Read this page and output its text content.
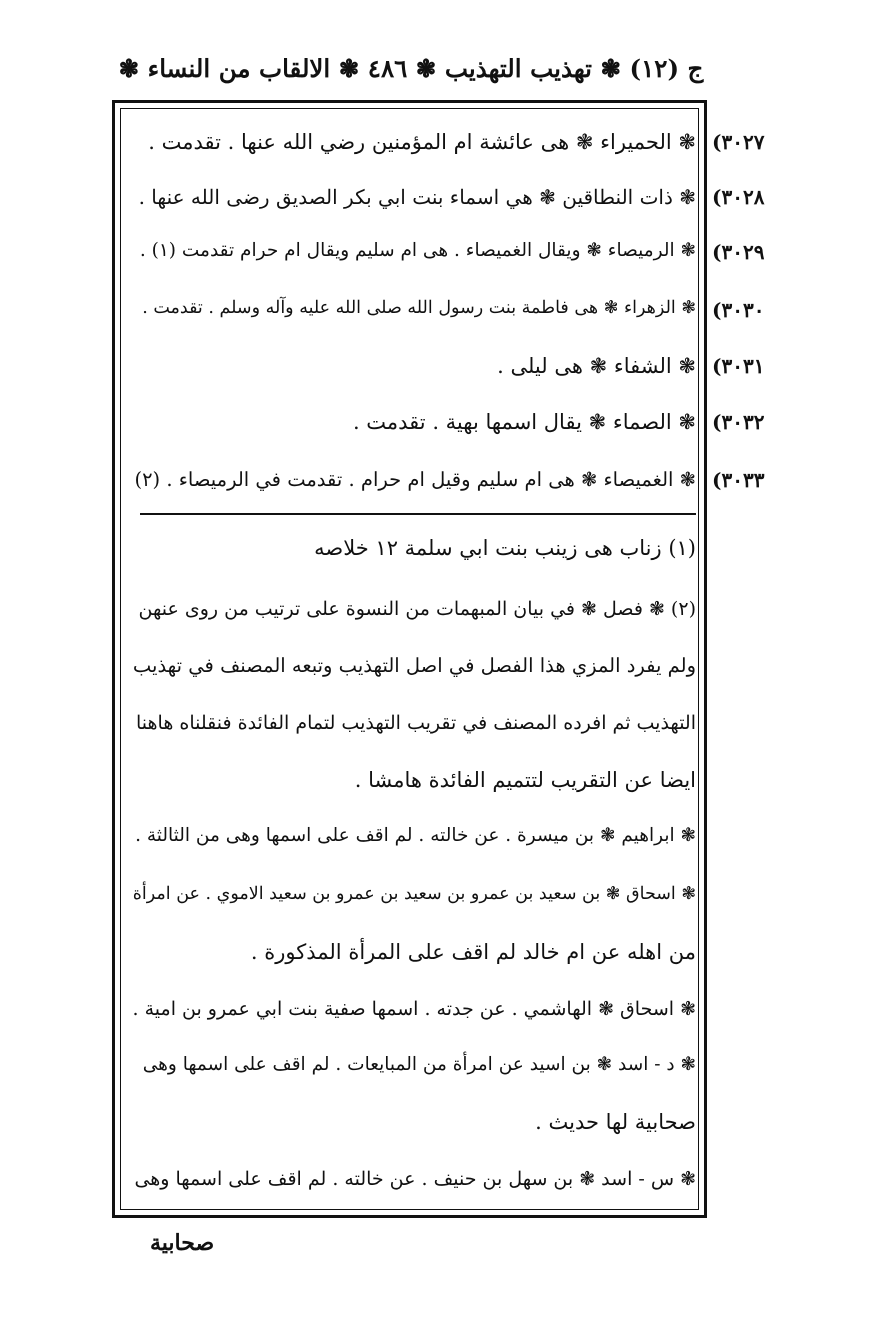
ج (١٢) ❃ تهذيب التهذيب ❃ ٤٨٦ ❃ الالقاب من النساء ❃
(٣٠٢٧
❃ الحميراء ❃ هى عائشة ام المؤمنين رضي الله عنها . تقدمت .
(٣٠٢٨
❃ ذات النطاقين ❃ هي اسماء بنت ابي بكر الصديق رضى الله عنها .
(٣٠٢٩
❃ الرميصاء ❃ ويقال الغميصاء . هى ام سليم ويقال ام حرام تقدمت (١) .
(٣٠٣٠
❃ الزهراء ❃ هى فاطمة بنت رسول الله صلى الله عليه وآله وسلم . تقدمت .
(٣٠٣١
❃ الشفاء ❃ هى ليلى .
(٣٠٣٢
❃ الصماء ❃ يقال اسمها بهية . تقدمت .
(٣٠٣٣
❃ الغميصاء ❃ هى ام سليم وقيل ام حرام . تقدمت في الرميصاء . (٢)
(١) زناب هى زينب بنت ابي سلمة ١٢ خلاصه
(٢) ❃ فصل ❃ في بيان المبهمات من النسوة على ترتيب من روى عنهن
ولم يفرد المزي هذا الفصل في اصل التهذيب وتبعه المصنف في تهذيب
التهذيب ثم افرده المصنف في تقريب التهذيب لتمام الفائدة فنقلناه هاهنا
ايضا عن التقريب لتتميم الفائدة هامشا .
❃ ابراهيم ❃ بن ميسرة . عن خالته . لم اقف على اسمها وهى من الثالثة .
❃ اسحاق ❃ بن سعيد بن عمرو بن سعيد بن عمرو بن سعيد الاموي . عن امرأة
من اهله عن ام خالد لم اقف على المرأة المذكورة .
❃ اسحاق ❃ الهاشمي . عن جدته . اسمها صفية بنت ابي عمرو بن امية .
❃ د - اسد ❃ بن اسيد عن امرأة من المبايعات . لم اقف على اسمها وهى
صحابية لها حديث .
❃ س - اسد ❃ بن سهل بن حنيف . عن خالته . لم اقف على اسمها وهى
صحابية
